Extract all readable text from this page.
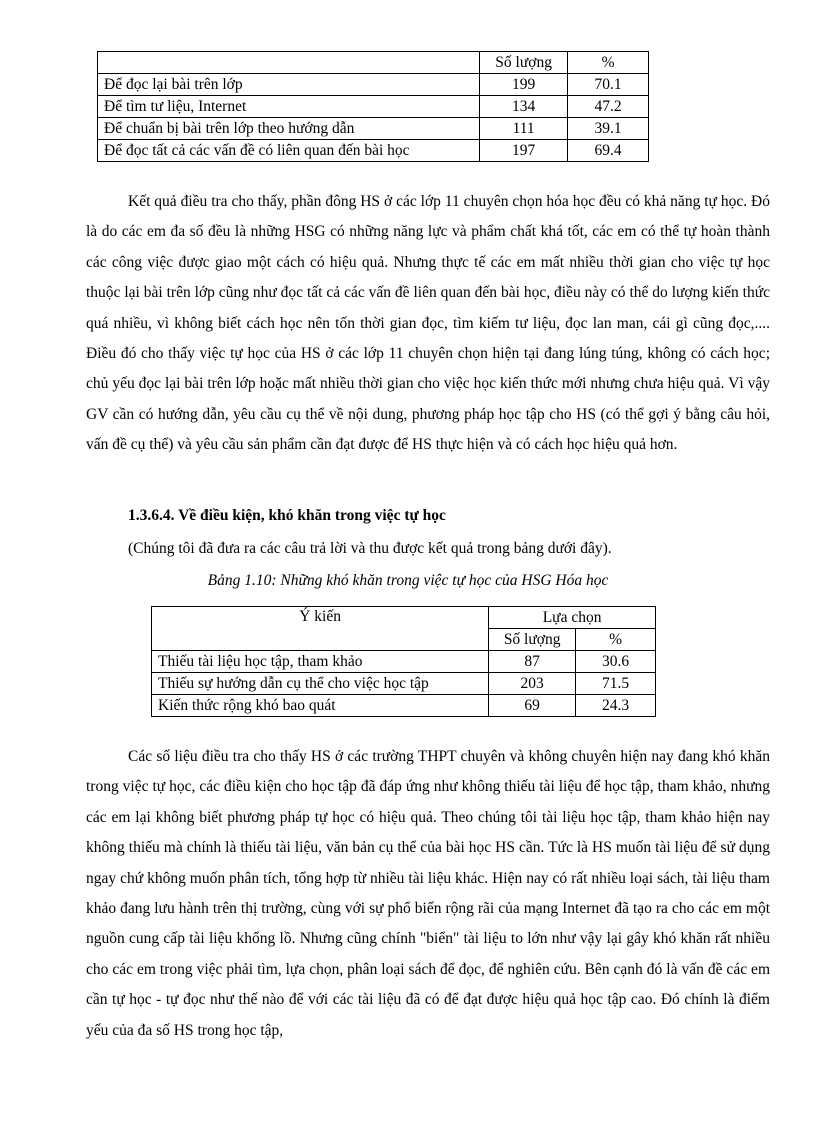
	Số lượng	%
Để đọc lại bài trên lớp	199	70.1
Để tìm tư liệu, Internet	134	47.2
Để chuẩn bị bài trên lớp theo hướng dẫn	111	39.1
Để đọc tất cả các vấn đề có liên quan đến bài học	197	69.4

Kết quả điều tra cho thấy, phần đông HS ở các lớp 11 chuyên chọn hóa học đều có khả năng tự học. Đó là do các em đa số đều là những HSG có những năng lực và phẩm chất khá tốt, các em có thể tự hoàn thành các công việc được giao một cách có hiệu quả. Nhưng thực tế các em mất nhiều thời gian cho việc tự học thuộc lại bài trên lớp cũng như đọc tất cả các vấn đề liên quan đến bài học, điều này có thể do lượng kiến thức quá nhiều, vì không biết cách học nên tốn thời gian đọc, tìm kiếm tư liệu, đọc lan man, cái gì cũng đọc,.... Điều đó cho thấy việc tự học của HS ở các lớp 11 chuyên chọn hiện tại đang lúng túng, không có cách học; chủ yếu đọc lại bài trên lớp hoặc mất nhiều thời gian cho việc học kiến thức mới nhưng chưa hiệu quả. Vì vậy GV cần có hướng dẫn, yêu cầu cụ thể về nội dung, phương pháp học tập cho HS (có thể gợi ý bằng câu hỏi, vấn đề cụ thể) và yêu cầu sản phẩm cần đạt được để HS thực hiện và có cách học hiệu quả hơn.

1.3.6.4. Về điều kiện, khó khăn trong việc tự học

(Chúng tôi đã đưa ra các câu trả lời và thu được kết quả trong bảng dưới đây).

Bảng 1.10: Những khó khăn trong việc tự học của HSG Hóa học

Ý kiến	Lựa chọn	
	Số lượng	%
Thiếu tài liệu học tập, tham khảo	87	30.6
Thiếu sự hướng dẫn cụ thể cho việc học tập	203	71.5
Kiến thức rộng khó bao quát	69	24.3

Các số liệu điều tra cho thấy HS ở các trường THPT chuyên và không chuyên hiện nay đang khó khăn trong việc tự học, các điều kiện cho học tập đã đáp ứng như không thiếu tài liệu để học tập, tham khảo, nhưng các em lại không biết phương pháp tự học có hiệu quả. Theo chúng tôi tài liệu học tập, tham khảo hiện nay không thiếu mà chính là thiếu tài liệu, văn bản cụ thể của bài học HS cần. Tức là HS muốn tài liệu để sử dụng ngay chứ không muốn phân tích, tổng hợp từ nhiều tài liệu khác. Hiện nay có rất nhiều loại sách, tài liệu tham khảo đang lưu hành trên thị trường, cùng với sự phổ biến rộng rãi của mạng Internet đã tạo ra cho các em một nguồn cung cấp tài liệu khổng lồ. Nhưng cũng chính "biển" tài liệu to lớn như vậy lại gây khó khăn rất nhiều cho các em trong việc phải tìm, lựa chọn, phân loại sách để đọc, để nghiên cứu. Bên cạnh đó là vấn đề các em cần tự học - tự đọc như thế nào để với các tài liệu đã có để đạt được hiệu quả học tập cao. Đó chính là điểm yếu của đa số HS trong học tập,
